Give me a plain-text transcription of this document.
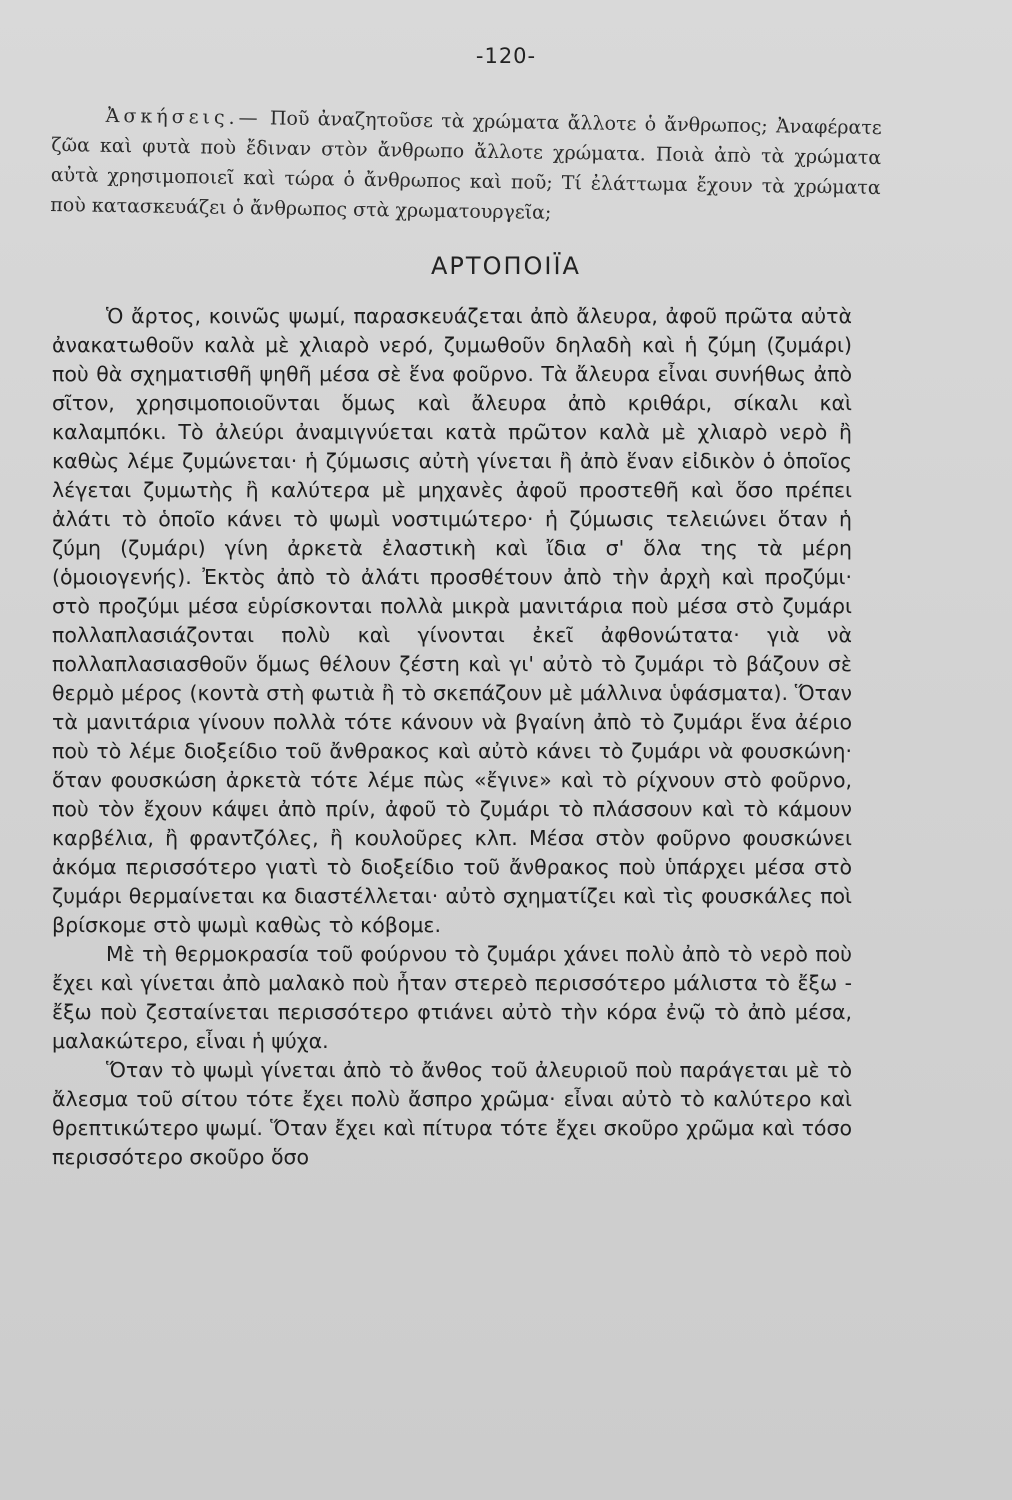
-120-
Ἀσκήσεις.— Ποῦ ἀναζητοῦσε τὰ χρώματα ἄλλοτε ὁ ἄνθρωπος; Ἀναφέρατε ζῶα καὶ φυτὰ ποὺ ἔδιναν στὸν ἄνθρωπο ἄλλοτε χρώματα. Ποιὰ ἀπὸ τὰ χρώματα αὐτὰ χρησιμοποιεῖ καὶ τώρα ὁ ἄνθρωπος καὶ ποῦ; Τί ἐλάττωμα ἔχουν τὰ χρώματα ποὺ κατασκευάζει ὁ ἄνθρωπος στὰ χρωματουργεῖα;
ΑΡΤΟΠΟΙΪΑ

Ὁ ἄρτος, κοινῶς ψωμί, παρασκευάζεται ἀπὸ ἄλευρα, ἀφοῦ πρῶτα αὐτὰ ἀνακατωθοῦν καλὰ μὲ χλιαρὸ νερό, ζυμωθοῦν δηλαδὴ καὶ ἡ ζύμη (ζυμάρι) ποὺ θὰ σχηματισθῆ ψηθῆ μέσα σὲ ἕνα φοῦρνο. Τὰ ἄλευρα εἶναι συνήθως ἀπὸ σῖτον, χρησιμοποιοῦνται ὅμως καὶ ἄλευρα ἀπὸ κριθάρι, σίκαλι καὶ καλαμπόκι. Τὸ ἀλεύρι ἀναμιγνύεται κατὰ πρῶτον καλὰ μὲ χλιαρὸ νερὸ ἢ καθὼς λέμε ζυμώνεται· ἡ ζύμωσις αὐτὴ γίνεται ἢ ἀπὸ ἕναν εἰδικὸν ὁ ὁποῖος λέγεται ζυμωτὴς ἢ καλύτερα μὲ μηχανὲς ἀφοῦ προστεθῆ καὶ ὅσο πρέπει ἀλάτι τὸ ὁποῖο κάνει τὸ ψωμὶ νοστιμώτερο· ἡ ζύμωσις τελειώνει ὅταν ἡ ζύμη (ζυμάρι) γίνη ἀρκετὰ ἐλαστικὴ καὶ ἴδια σ' ὅλα της τὰ μέρη (ὁμοιογενής). Ἐκτὸς ἀπὸ τὸ ἀλάτι προσθέτουν ἀπὸ τὴν ἀρχὴ καὶ προζύμι· στὸ προζύμι μέσα εὑρίσκονται πολλὰ μικρὰ μανιτάρια ποὺ μέσα στὸ ζυμάρι πολλαπλασιάζονται πολὺ καὶ γίνονται ἐκεῖ ἀφθονώτατα· γιὰ νὰ πολλαπλασιασθοῦν ὅμως θέλουν ζέστη καὶ γι' αὐτὸ τὸ ζυμάρι τὸ βάζουν σὲ θερμὸ μέρος (κοντὰ στὴ φωτιὰ ἢ τὸ σκεπάζουν μὲ μάλλινα ὑφάσματα). Ὅταν τὰ μανιτάρια γίνουν πολλὰ τότε κάνουν νὰ βγαίνη ἀπὸ τὸ ζυμάρι ἕνα ἀέριο ποὺ τὸ λέμε διοξείδιο τοῦ ἄνθρακος καὶ αὐτὸ κάνει τὸ ζυμάρι νὰ φουσκώνη· ὅταν φουσκώση ἀρκετὰ τότε λέμε πὼς «ἔγινε» καὶ τὸ ρίχνουν στὸ φοῦρνο, ποὺ τὸν ἔχουν κάψει ἀπὸ πρίν, ἀφοῦ τὸ ζυμάρι τὸ πλάσσουν καὶ τὸ κάμουν καρβέλια, ἢ φραντζόλες, ἢ κουλοῦρες κλπ. Μέσα στὸν φοῦρνο φουσκώνει ἀκόμα περισσότερο γιατὶ τὸ διοξείδιο τοῦ ἄνθρακος ποὺ ὑπάρχει μέσα στὸ ζυμάρι θερμαίνεται κα διαστέλλεται· αὐτὸ σχηματίζει καὶ τὶς φουσκάλες ποὶ βρίσκομε στὸ ψωμὶ καθὼς τὸ κόβομε.

Μὲ τὴ θερμοκρασία τοῦ φούρνου τὸ ζυμάρι χάνει πολὺ ἀπὸ τὸ νερὸ ποὺ ἔχει καὶ γίνεται ἀπὸ μαλακὸ ποὺ ἦταν στερεὸ περισσότερο μάλιστα τὸ ἔξω - ἔξω ποὺ ζεσταίνεται περισσότερο φτιάνει αὐτὸ τὴν κόρα ἐνῷ τὸ ἀπὸ μέσα, μαλακώτερο, εἶναι ἡ ψύχα.

Ὅταν τὸ ψωμὶ γίνεται ἀπὸ τὸ ἄνθος τοῦ ἀλευριοῦ ποὺ παράγεται μὲ τὸ ἄλεσμα τοῦ σίτου τότε ἔχει πολὺ ἄσπρο χρῶμα· εἶναι αὐτὸ τὸ καλύτερο καὶ θρεπτικώτερο ψωμί. Ὅταν ἔχει καὶ πίτυρα τότε ἔχει σκοῦρο χρῶμα καὶ τόσο περισσότερο σκοῦρο ὅσο
